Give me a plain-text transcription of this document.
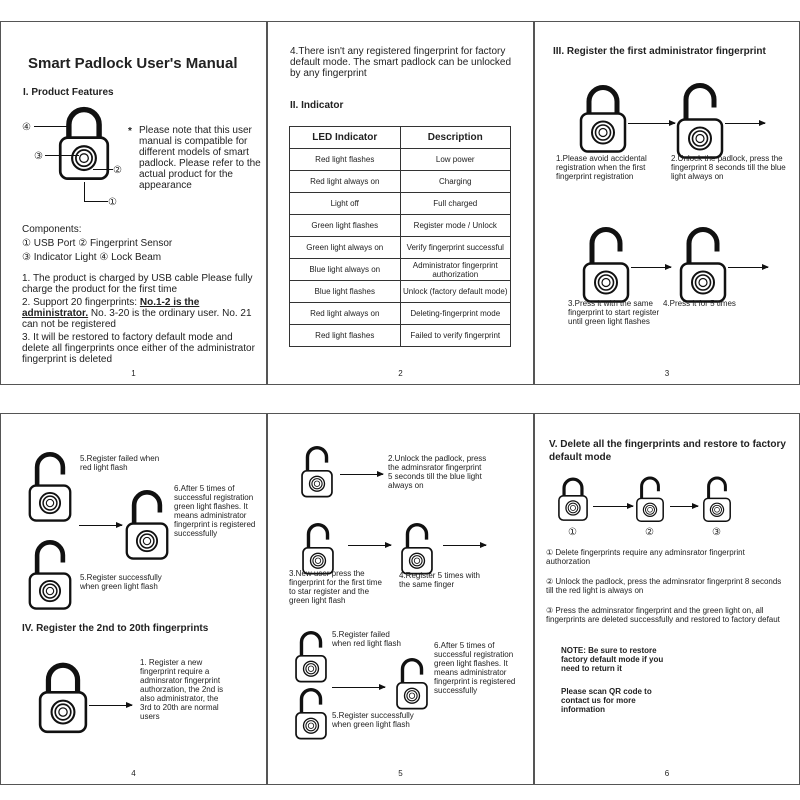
Smart Padlock User's Manual
I. Product Features
④
③
②
①
* Please note that this user manual is compatible for different models of smart padlock. Please refer to the actual product for the appearance
Components:
① USB Port ② Fingerprint Sensor
③ Indicator Light ④ Lock Beam
1. The product is charged by USB cable Please fully charge the product for the first time
2. Support 20 fingerprints: No.1-2 is the administrator. No. 3-20 is the ordinary user. No. 21 can not be registered
3. It will be restored to factory default mode and delete all fingerprints once either of the administrator fingerprint is deleted
1
4.There isn't any registered fingerprint for factory default mode. The smart padlock can be unlocked by any fingerprint
II. Indicator
LED Indicator	Description
Red light flashes	Low power
Red light always on	Charging
Light off	Full charged
Green light flashes	Register mode / Unlock
Green light always on	Verify fingerprint successful
Blue light always on	Administrator fingerprint authorization
Blue light flashes	Unlock (factory default mode)
Red light always on	Deleting-fingerprint mode
Red light flashes	Failed to verify fingerprint
2
III. Register the first administrator fingerprint
1.Please avoid accidental registration when the first fingerprint registration
2.Unlock the padlock, press the fingerprint 8 seconds till the blue light always on
3.Press it with the same fingerprint to start register until green light flashes
4.Press it for 5 times
3
5.Register failed when red light flash
6.After 5 times of successful registration green light flashes. It means administrator fingerprint is registered successfully
5.Register successfully when green light flash
IV. Register the 2nd to 20th fingerprints
1. Register a new fingerprint require a adminsrator fingerprint authorzation, the 2nd is also administrator, the 3rd to 20th are normal users
4
2.Unlock the padlock, press the adminsrator fingerprint 5 seconds till the blue light always on
3.New user press the fingerprint for the first time to star register and the green light flash
4.Register 5 times with the same finger
5.Register failed when red light flash	6.After 5 times of successful registration green light flashes. It means administrator fingerprint is registered successfully
5.Register successfully when green light flash
5
V. Delete all the fingerprints and restore to factory default mode
①	②	③
① Delete fingerprints require any adminsrator fingerprint authorzation
② Unlock the padlock, press the adminsrator fingerprint 8 seconds till the red light is always on
③ Press the adminsrator fingerprint and the green light on, all fingerprints are deleted successfully and restored to factory defaut
NOTE: Be sure to restore factory default mode if you need to return it
Please scan QR code to contact us for more information
6
